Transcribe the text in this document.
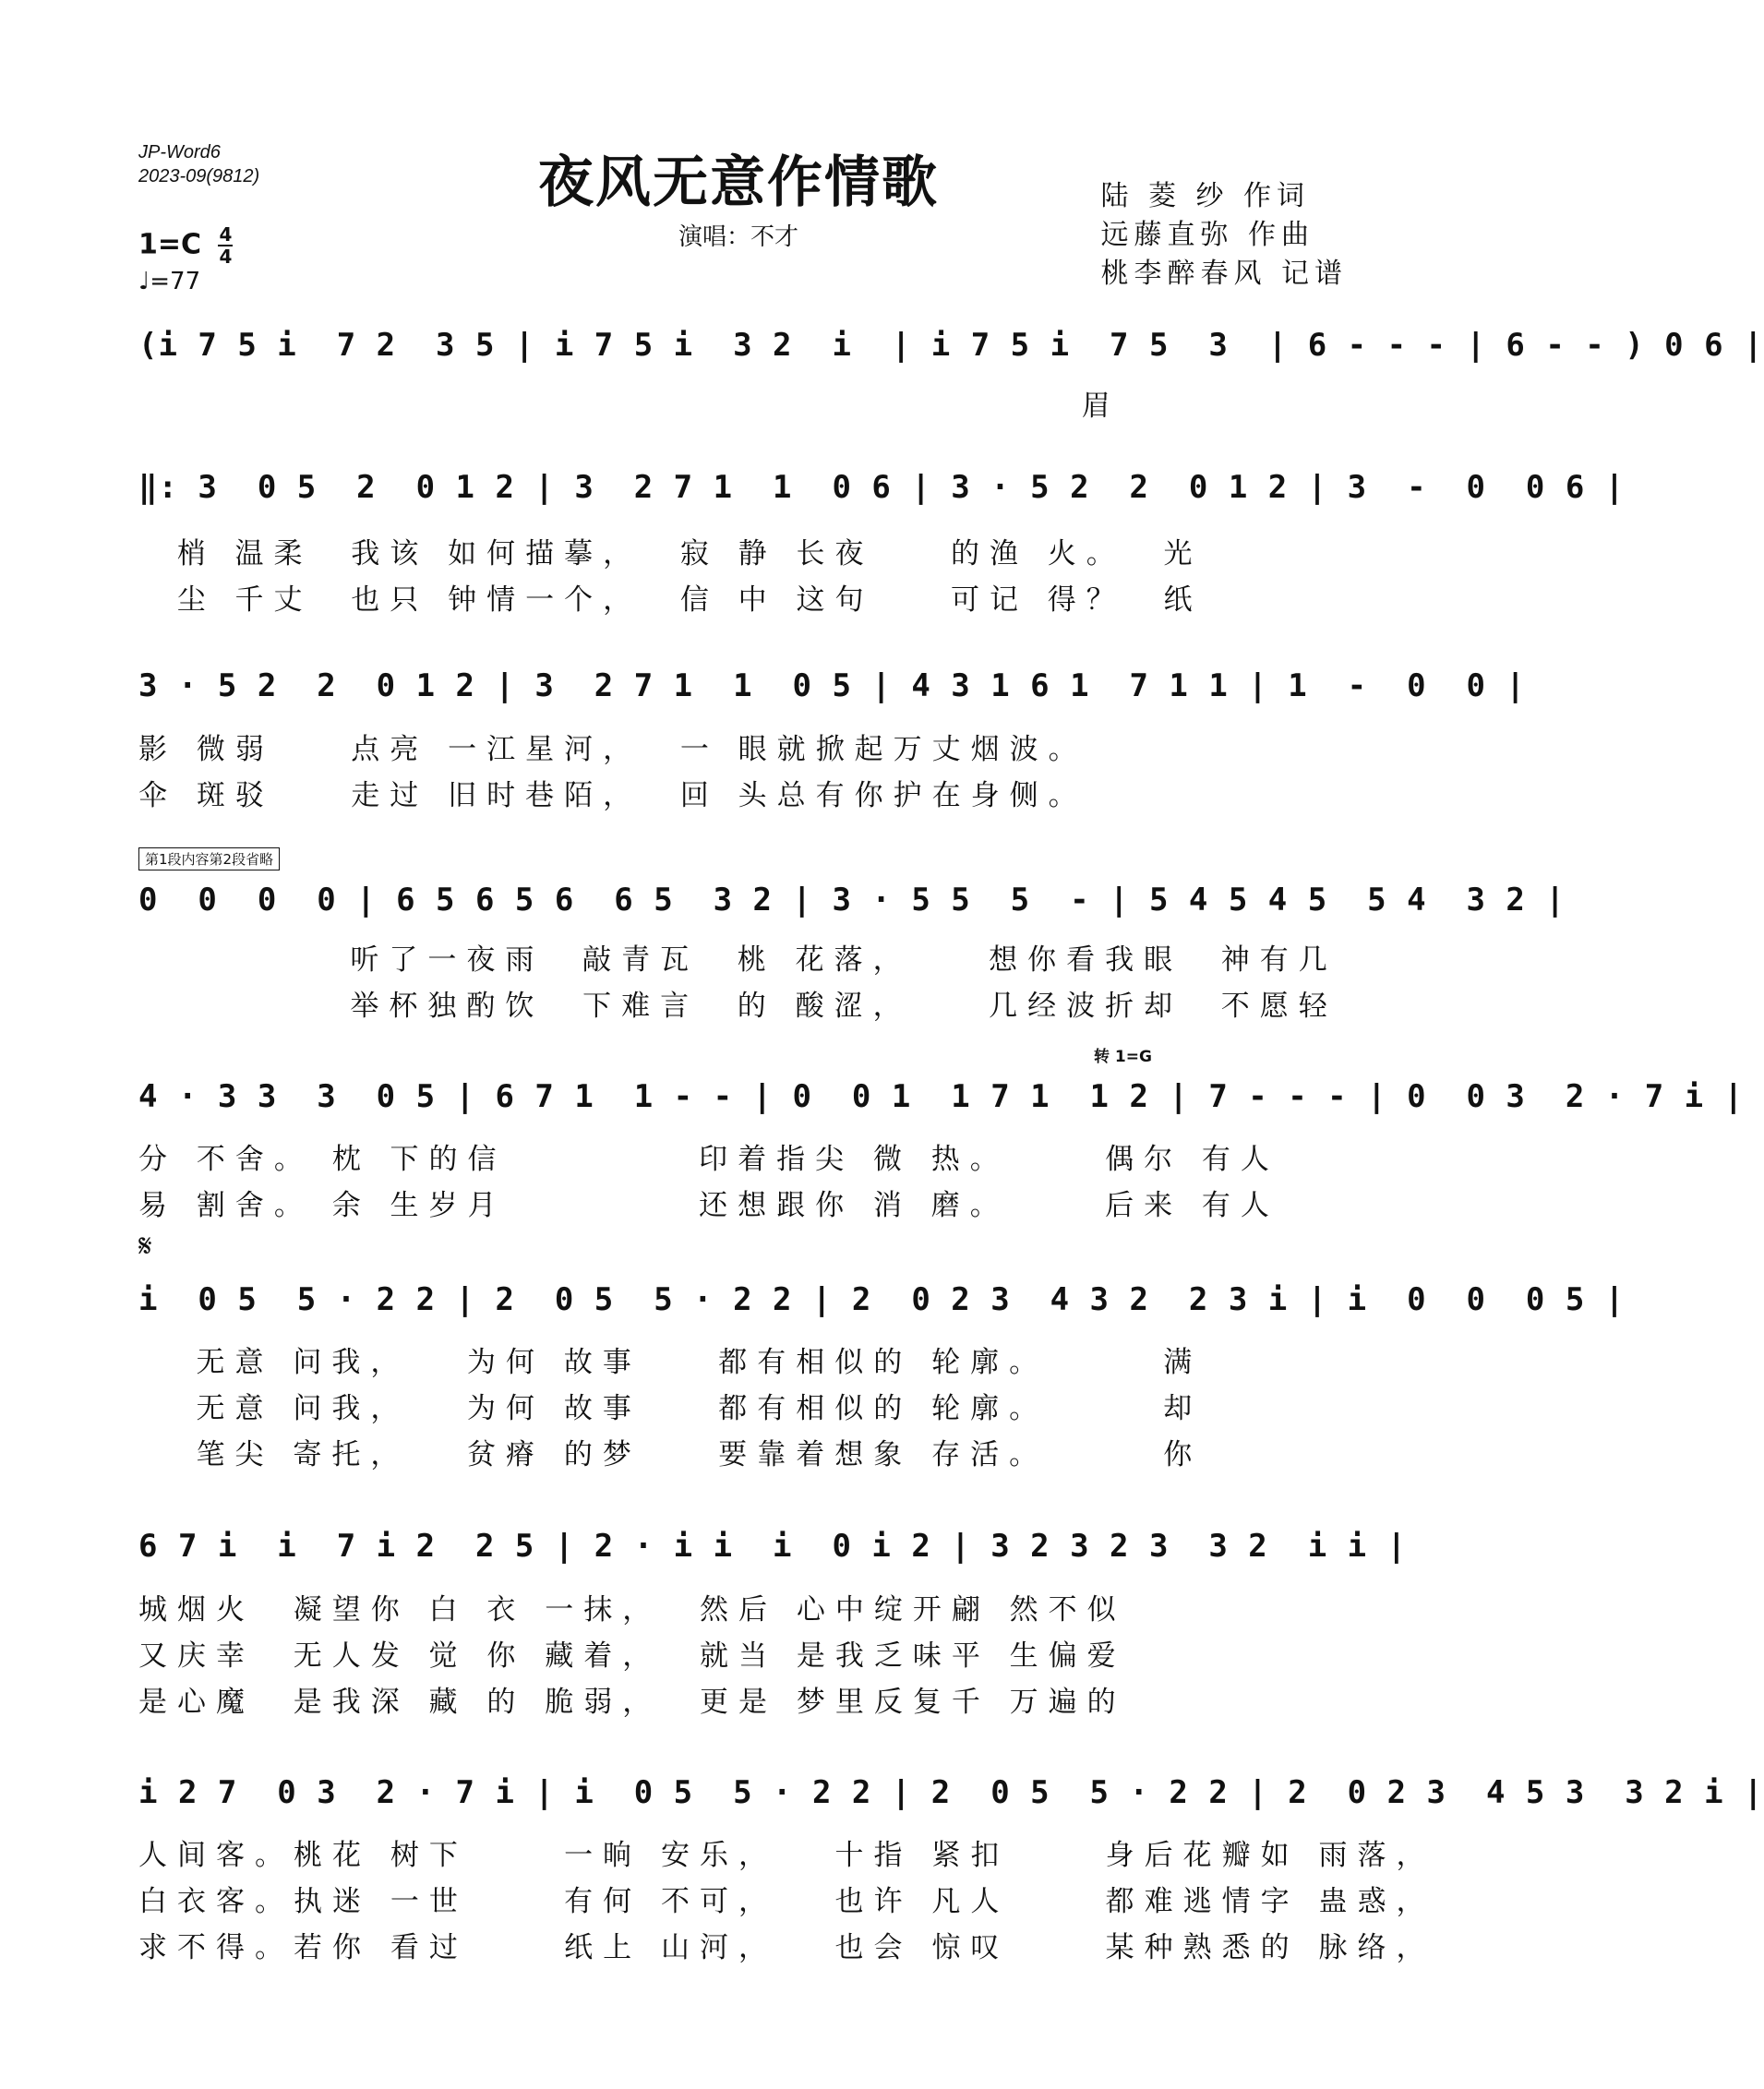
JP-Word6
2023-09(9812)	夜风无意作情歌
演唱：不才
陆 菱 纱 作词
远藤直弥 作曲
桃李醉春风 记谱
$1=C \frac{4}{4}$
♩=77
第1段内容第2段省略
转 1=G
𝄋
(i 7 5 i  7 2  3 5 | i 7 5 i  3 2  i  | i 7 5 i  7 5  3  | 6 - - - | 6 - - ) 0 6 |
眉
‖: 3  0 5  2  0 1 2 | 3  2 7 1  1  0 6 | 3 · 5 2  2  0 1 2 | 3  -  0  0 6 |
梢 温柔  我该 如何描摹，  寂 静 长夜    的渔 火。  光
尘 千丈  也只 钟情一个，  信 中 这句    可记 得？  纸
3 · 5 2  2  0 1 2 | 3  2 7 1  1  0 5 | 4 3 1 6 1  7 1 1 | 1  -  0  0 |
影 微弱    点亮 一江星河，  一 眼就掀起万丈烟波。
伞 斑驳    走过 旧时巷陌，  回 头总有你护在身侧。
0  0  0  0 | 6 5 6 5 6  6 5  3 2 | 3 · 5 5  5  - | 5 4 5 4 5  5 4  3 2 |
听了一夜雨  敲青瓦  桃 花落，    想你看我眼  神有几
举杯独酌饮  下难言  的 酸涩，    几经波折却  不愿轻
4 · 3 3  3  0 5 | 6 7 1  1 - - | 0  0 1  1 7 1  1 2 | 7 - - - | 0  0 3  2 · 7 i |
分 不舍。 枕 下的信          印着指尖 微 热。     偶尔 有人
易 割舍。 余 生岁月          还想跟你 消 磨。     后来 有人
i  0 5  5 · 2 2 | 2  0 5  5 · 2 2 | 2  0 2 3  4 3 2  2 3 i | i  0  0  0 5 |
无意 问我，   为何 故事    都有相似的 轮廓。      满
无意 问我，   为何 故事    都有相似的 轮廓。      却
笔尖 寄托，   贫瘠 的梦    要靠着想象 存活。      你
6 7 i  i  7 i 2  2 5 | 2 · i i  i  0 i 2 | 3 2 3 2 3  3 2  i i |
城烟火  凝望你 白 衣 一抹，  然后 心中绽开翩 然不似
又庆幸  无人发 觉 你 藏着，  就当 是我乏味平 生偏爱
是心魔  是我深 藏 的 脆弱，  更是 梦里反复千 万遍的
i 2 7  0 3  2 · 7 i | i  0 5  5 · 2 2 | 2  0 5  5 · 2 2 | 2  0 2 3  4 5 3  3 2 i |
人间客。桃花 树下     一晌 安乐，   十指 紧扣     身后花瓣如 雨落，
白衣客。执迷 一世     有何 不可，   也许 凡人     都难逃情字 蛊惑，
求不得。若你 看过     纸上 山河，   也会 惊叹     某种熟悉的 脉络，
